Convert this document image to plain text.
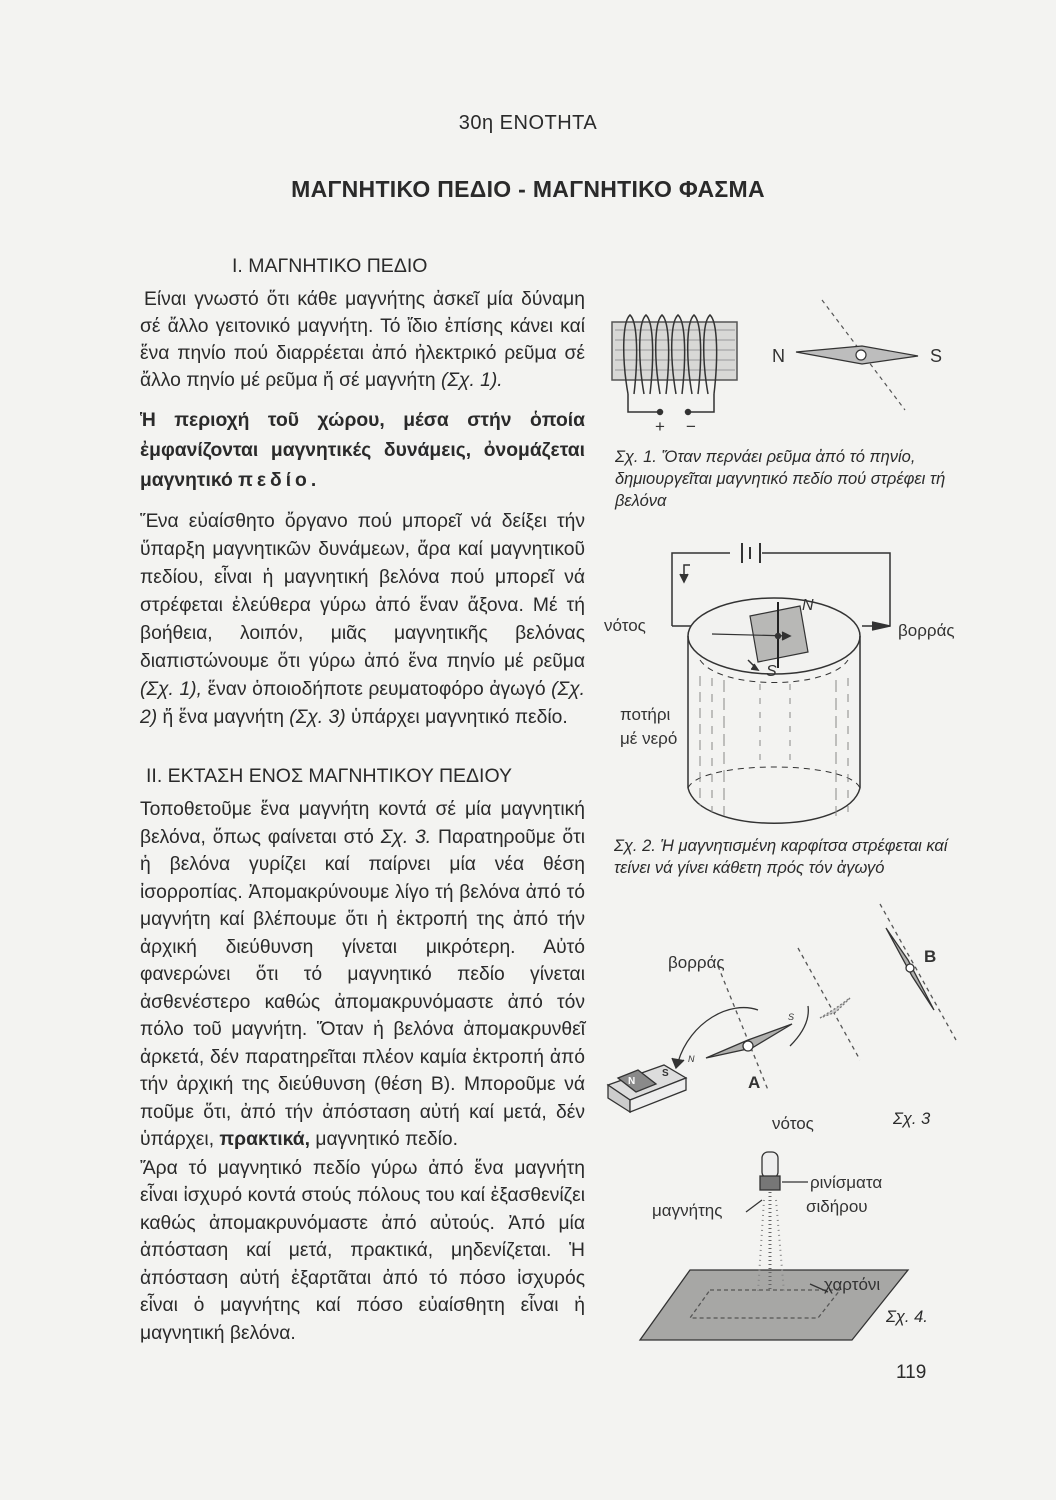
30η ΕΝΟΤΗΤΑ
ΜΑΓΝΗΤΙΚΟ ΠΕΔΙΟ - ΜΑΓΝΗΤΙΚΟ ΦΑΣΜΑ
Ι. ΜΑΓΝΗΤΙΚΟ ΠΕΔΙΟ

Είναι γνωστό ὅτι κάθε μαγνήτης ἀσκεῖ μία δύναμη σέ ἄλλο γειτονικό μαγνήτη. Τό ἴδιο ἐπίσης κάνει καί ἕνα πηνίο πού διαρρέεται ἀπό ἠλεκτρικό ρεῦμα σέ ἄλλο πηνίο μέ ρεῦμα ἤ σέ μαγνήτη (Σχ. 1).

Ἡ περιοχή τοῦ χώρου, μέσα στήν ὁποία ἐμφανίζονται μαγνητικές δυνάμεις, ὀνομάζεται μαγνητικό πεδίο.

Ἕνα εὐαίσθητο ὄργανο πού μπορεῖ νά δείξει τήν ὕπαρξη μαγνητικῶν δυνάμεων, ἄρα καί μαγνητικοῦ πεδίου, εἶναι ἡ μαγνητική βελόνα πού μπορεῖ νά στρέφεται ἐλεύθερα γύρω ἀπό ἕναν ἄξονα. Μέ τή βοήθεια, λοιπόν, μιᾶς μαγνητικῆς βελόνας διαπιστώνουμε ὅτι γύρω ἀπό ἕνα πηνίο μέ ρεῦμα (Σχ. 1), ἕναν ὁποιοδήποτε ρευματοφόρο ἀγωγό (Σχ. 2) ἤ ἕνα μαγνήτη (Σχ. 3) ὑπάρχει μαγνητικό πεδίο.

ΙΙ. ΕΚΤΑΣΗ ΕΝΟΣ ΜΑΓΝΗΤΙΚΟΥ ΠΕΔΙΟΥ

Τοποθετοῦμε ἕνα μαγνήτη κοντά σέ μία μαγνητική βελόνα, ὅπως φαίνεται στό Σχ. 3. Παρατηροῦμε ὅτι ἡ βελόνα γυρίζει καί παίρνει μία νέα θέση ἰσορροπίας. Ἀπομακρύνουμε λίγο τή βελόνα ἀπό τό μαγνήτη καί βλέπουμε ὅτι ἡ ἐκτροπή της ἀπό τήν ἀρχική διεύθυνση γίνεται μικρότερη. Αὐτό φανερώνει ὅτι τό μαγνητικό πεδίο γίνεται ἀσθενέστερο καθώς ἀπομακρυνόμαστε ἀπό τόν πόλο τοῦ μαγνήτη. Ὅταν ἡ βελόνα ἀπομακρυνθεῖ ἀρκετά, δέν παρατηρεῖται πλέον καμία ἐκτροπή ἀπό τήν ἀρχική της διεύθυνση (θέση Β). Μποροῦμε νά ποῦμε ὅτι, ἀπό τήν ἀπόσταση αὐτή καί μετά, δέν ὑπάρχει, πρακτικά, μαγνητικό πεδίο.

Ἄρα τό μαγνητικό πεδίο γύρω ἀπό ἕνα μαγνήτη εἶναι ἰσχυρό κοντά στούς πόλους του καί ἐξασθενίζει καθώς ἀπομακρυνόμαστε ἀπό αὐτούς. Ἀπό μία ἀπόσταση καί μετά, πρακτικά, μηδενίζεται. Ἡ ἀπόσταση αὐτή ἐξαρτᾶται ἀπό τό πόσο ἰσχυρός εἶναι ὁ μαγνήτης καί πόσο εὐαίσθητη εἶναι ἡ μαγνητική βελόνα.

+ −
N	S
νότος	βορράς
ποτήρι
μέ νερό
N
S
βορράς
νότος
Α
Β
N
S
N
S
ρινίσματα
σιδήρου
μαγνήτης
χαρτόνι
Σχ. 1. Ὅταν περνάει ρεῦμα ἀπό τό πηνίο, δημιουργεῖται μαγνητικό πεδίο πού στρέφει τή βελόνα
Σχ. 2. Ἡ μαγνητισμένη καρφίτσα στρέφεται καί τείνει νά γίνει κάθετη πρός τόν ἀγωγό
Σχ. 3
Σχ. 4.
119
